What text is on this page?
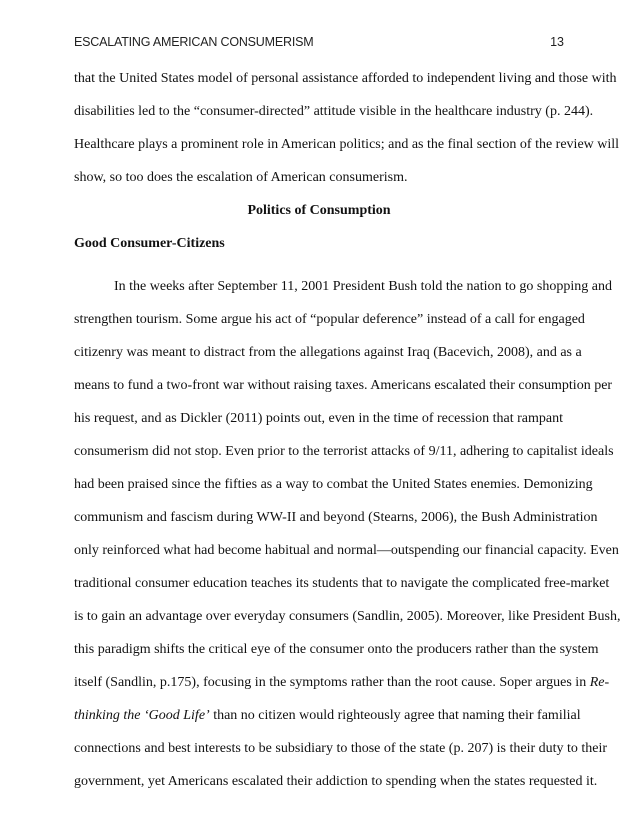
ESCALATING AMERICAN CONSUMERISM	13
that the United States model of personal assistance afforded to independent living and those with
disabilities led to the “consumer-directed” attitude visible in the healthcare industry (p. 244).
Healthcare plays a prominent role in American politics; and as the final section of the review will
show, so too does the escalation of American consumerism.
Politics of Consumption
Good Consumer-Citizens
In the weeks after September 11, 2001 President Bush told the nation to go shopping and
strengthen tourism. Some argue his act of “popular deference” instead of a call for engaged
citizenry was meant to distract from the allegations against Iraq (Bacevich, 2008), and as a
means to fund a two-front war without raising taxes. Americans escalated their consumption per
his request, and as Dickler (2011) points out, even in the time of recession that rampant
consumerism did not stop. Even prior to the terrorist attacks of 9/11, adhering to capitalist ideals
had been praised since the fifties as a way to combat the United States enemies. Demonizing
communism and fascism during WW-II and beyond (Stearns, 2006), the Bush Administration
only reinforced what had become habitual and normal—outspending our financial capacity. Even
traditional consumer education teaches its students that to navigate the complicated free-market
is to gain an advantage over everyday consumers (Sandlin, 2005). Moreover, like President Bush,
this paradigm shifts the critical eye of the consumer onto the producers rather than the system
itself (Sandlin, p.175), focusing in the symptoms rather than the root cause. Soper argues in Re-
thinking the ‘Good Life’ than no citizen would righteously agree that naming their familial
connections and best interests to be subsidiary to those of the state (p. 207) is their duty to their
government, yet Americans escalated their addiction to spending when the states requested it.
